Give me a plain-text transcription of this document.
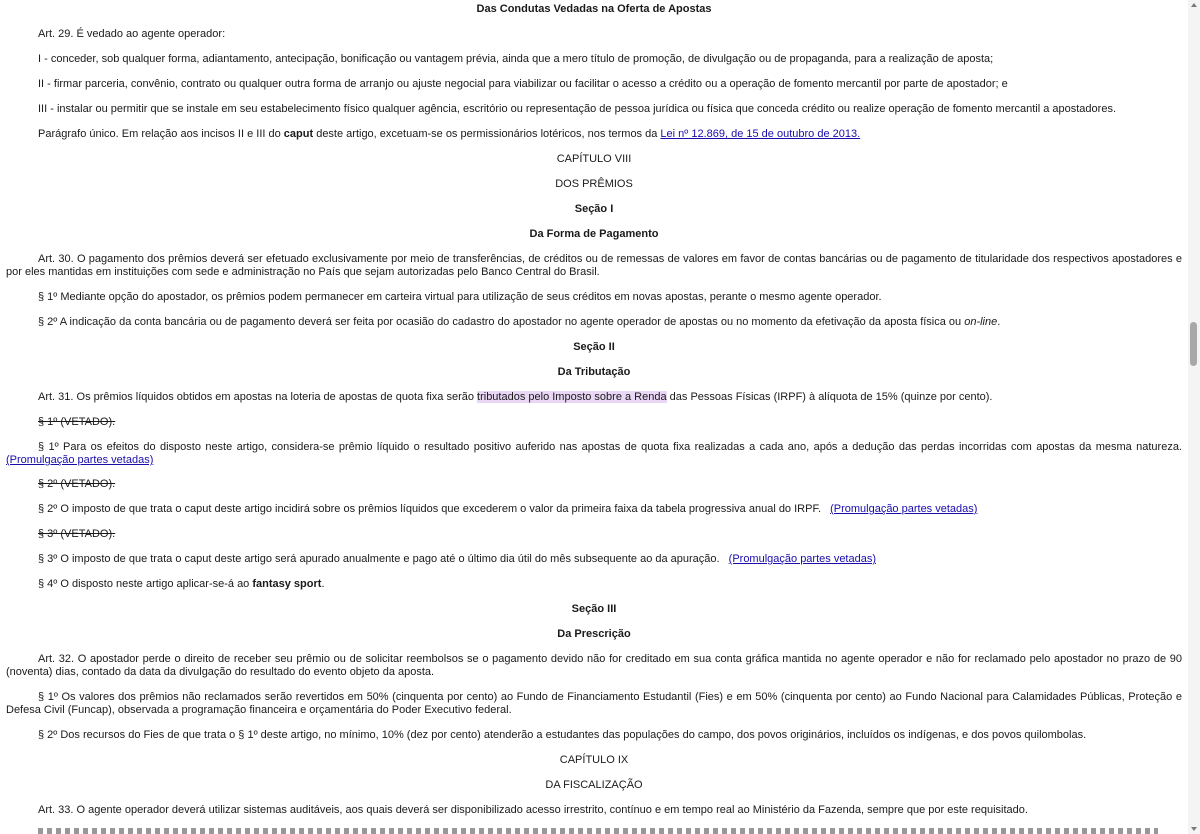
Das Condutas Vedadas na Oferta de Apostas

Art. 29. É vedado ao agente operador:

I - conceder, sob qualquer forma, adiantamento, antecipação, bonificação ou vantagem prévia, ainda que a mero título de promoção, de divulgação ou de propaganda, para a realização de aposta;

II - firmar parceria, convênio, contrato ou qualquer outra forma de arranjo ou ajuste negocial para viabilizar ou facilitar o acesso a crédito ou a operação de fomento mercantil por parte de apostador; e

III - instalar ou permitir que se instale em seu estabelecimento físico qualquer agência, escritório ou representação de pessoa jurídica ou física que conceda crédito ou realize operação de fomento mercantil a apostadores.

Parágrafo único. Em relação aos incisos II e III do caput deste artigo, excetuam-se os permissionários lotéricos, nos termos da Lei nº 12.869, de 15 de outubro de 2013.

CAPÍTULO VIII

DOS PRÊMIOS

Seção I

Da Forma de Pagamento

Art. 30. O pagamento dos prêmios deverá ser efetuado exclusivamente por meio de transferências, de créditos ou de remessas de valores em favor de contas bancárias ou de pagamento de titularidade dos respectivos apostadores e por eles mantidas em instituições com sede e administração no País que sejam autorizadas pelo Banco Central do Brasil.

§ 1º Mediante opção do apostador, os prêmios podem permanecer em carteira virtual para utilização de seus créditos em novas apostas, perante o mesmo agente operador.

§ 2º A indicação da conta bancária ou de pagamento deverá ser feita por ocasião do cadastro do apostador no agente operador de apostas ou no momento da efetivação da aposta física ou on-line.

Seção II

Da Tributação

Art. 31. Os prêmios líquidos obtidos em apostas na loteria de apostas de quota fixa serão tributados pelo Imposto sobre a Renda das Pessoas Físicas (IRPF) à alíquota de 15% (quinze por cento).

§ 1º (VETADO).

§ 1º Para os efeitos do disposto neste artigo, considera-se prêmio líquido o resultado positivo auferido nas apostas de quota fixa realizadas a cada ano, após a dedução das perdas incorridas com apostas da mesma natureza. (Promulgação partes vetadas)

§ 2º (VETADO).

§ 2º O imposto de que trata o caput deste artigo incidirá sobre os prêmios líquidos que excederem o valor da primeira faixa da tabela progressiva anual do IRPF. (Promulgação partes vetadas)

§ 3º (VETADO).

§ 3º O imposto de que trata o caput deste artigo será apurado anualmente e pago até o último dia útil do mês subsequente ao da apuração. (Promulgação partes vetadas)

§ 4º O disposto neste artigo aplicar-se-á ao fantasy sport.

Seção III

Da Prescrição

Art. 32. O apostador perde o direito de receber seu prêmio ou de solicitar reembolsos se o pagamento devido não for creditado em sua conta gráfica mantida no agente operador e não for reclamado pelo apostador no prazo de 90 (noventa) dias, contado da data da divulgação do resultado do evento objeto da aposta.

§ 1º Os valores dos prêmios não reclamados serão revertidos em 50% (cinquenta por cento) ao Fundo de Financiamento Estudantil (Fies) e em 50% (cinquenta por cento) ao Fundo Nacional para Calamidades Públicas, Proteção e Defesa Civil (Funcap), observada a programação financeira e orçamentária do Poder Executivo federal.

§ 2º Dos recursos do Fies de que trata o § 1º deste artigo, no mínimo, 10% (dez por cento) atenderão a estudantes das populações do campo, dos povos originários, incluídos os indígenas, e dos povos quilombolas.

CAPÍTULO IX

DA FISCALIZAÇÃO

Art. 33. O agente operador deverá utilizar sistemas auditáveis, aos quais deverá ser disponibilizado acesso irrestrito, contínuo e em tempo real ao Ministério da Fazenda, sempre que por este requisitado.
